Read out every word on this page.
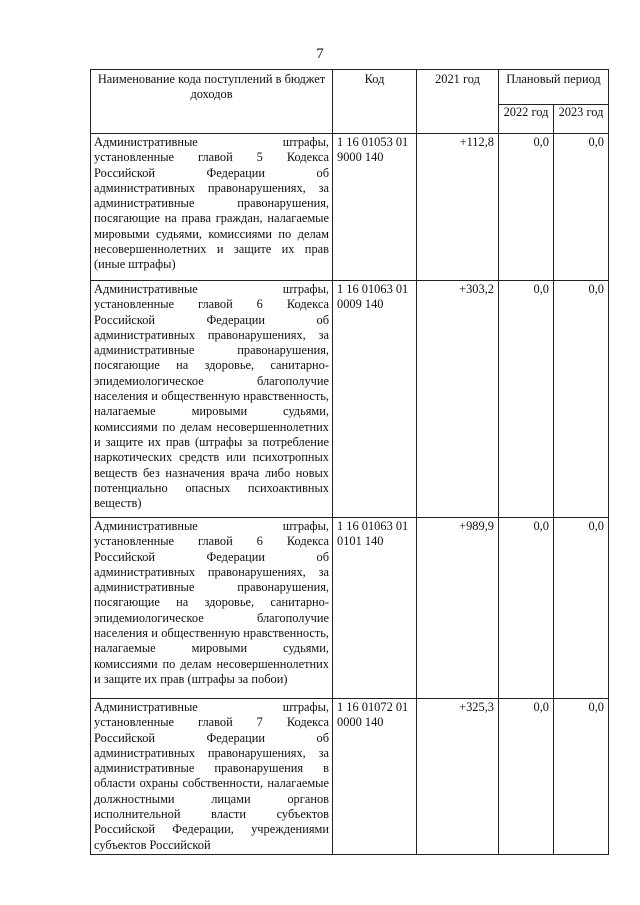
7
Наименование кода поступлений в бюджет доходов	Код	2021 год	Плановый период	
			2022 год	2023 год
Административные штрафы, установленные главой 5 Кодекса Российской Федерации об административных правонарушениях, за административные правонарушения, посягающие на права граждан, налагаемые мировыми судьями, комиссиями по делам несовершеннолетних и защите их прав (иные штрафы)	1 16 01053 01 9000 140	+112,8	0,0	0,0
Административные штрафы, установленные главой 6 Кодекса Российской Федерации об административных правонарушениях, за административные правонарушения, посягающие на здоровье, санитарно-эпидемиологическое благополучие населения и общественную нравственность, налагаемые мировыми судьями, комиссиями по делам несовершеннолетних и защите их прав (штрафы за потребление наркотических средств или психотропных веществ без назначения врача либо новых потенциально опасных психоактивных веществ)	1 16 01063 01 0009 140	+303,2	0,0	0,0
Административные штрафы, установленные главой 6 Кодекса Российской Федерации об административных правонарушениях, за административные правонарушения, посягающие на здоровье, санитарно-эпидемиологическое благополучие населения и общественную нравственность, налагаемые мировыми судьями, комиссиями по делам несовершеннолетних и защите их прав (штрафы за побои)	1 16 01063 01 0101 140	+989,9	0,0	0,0
Административные штрафы, установленные главой 7 Кодекса Российской Федерации об административных правонарушениях, за административные правонарушения в области охраны собственности, налагаемые должностными лицами органов исполнительной власти субъектов Российской Федерации, учреждениями субъектов Российской	1 16 01072 01 0000 140	+325,3	0,0	0,0
